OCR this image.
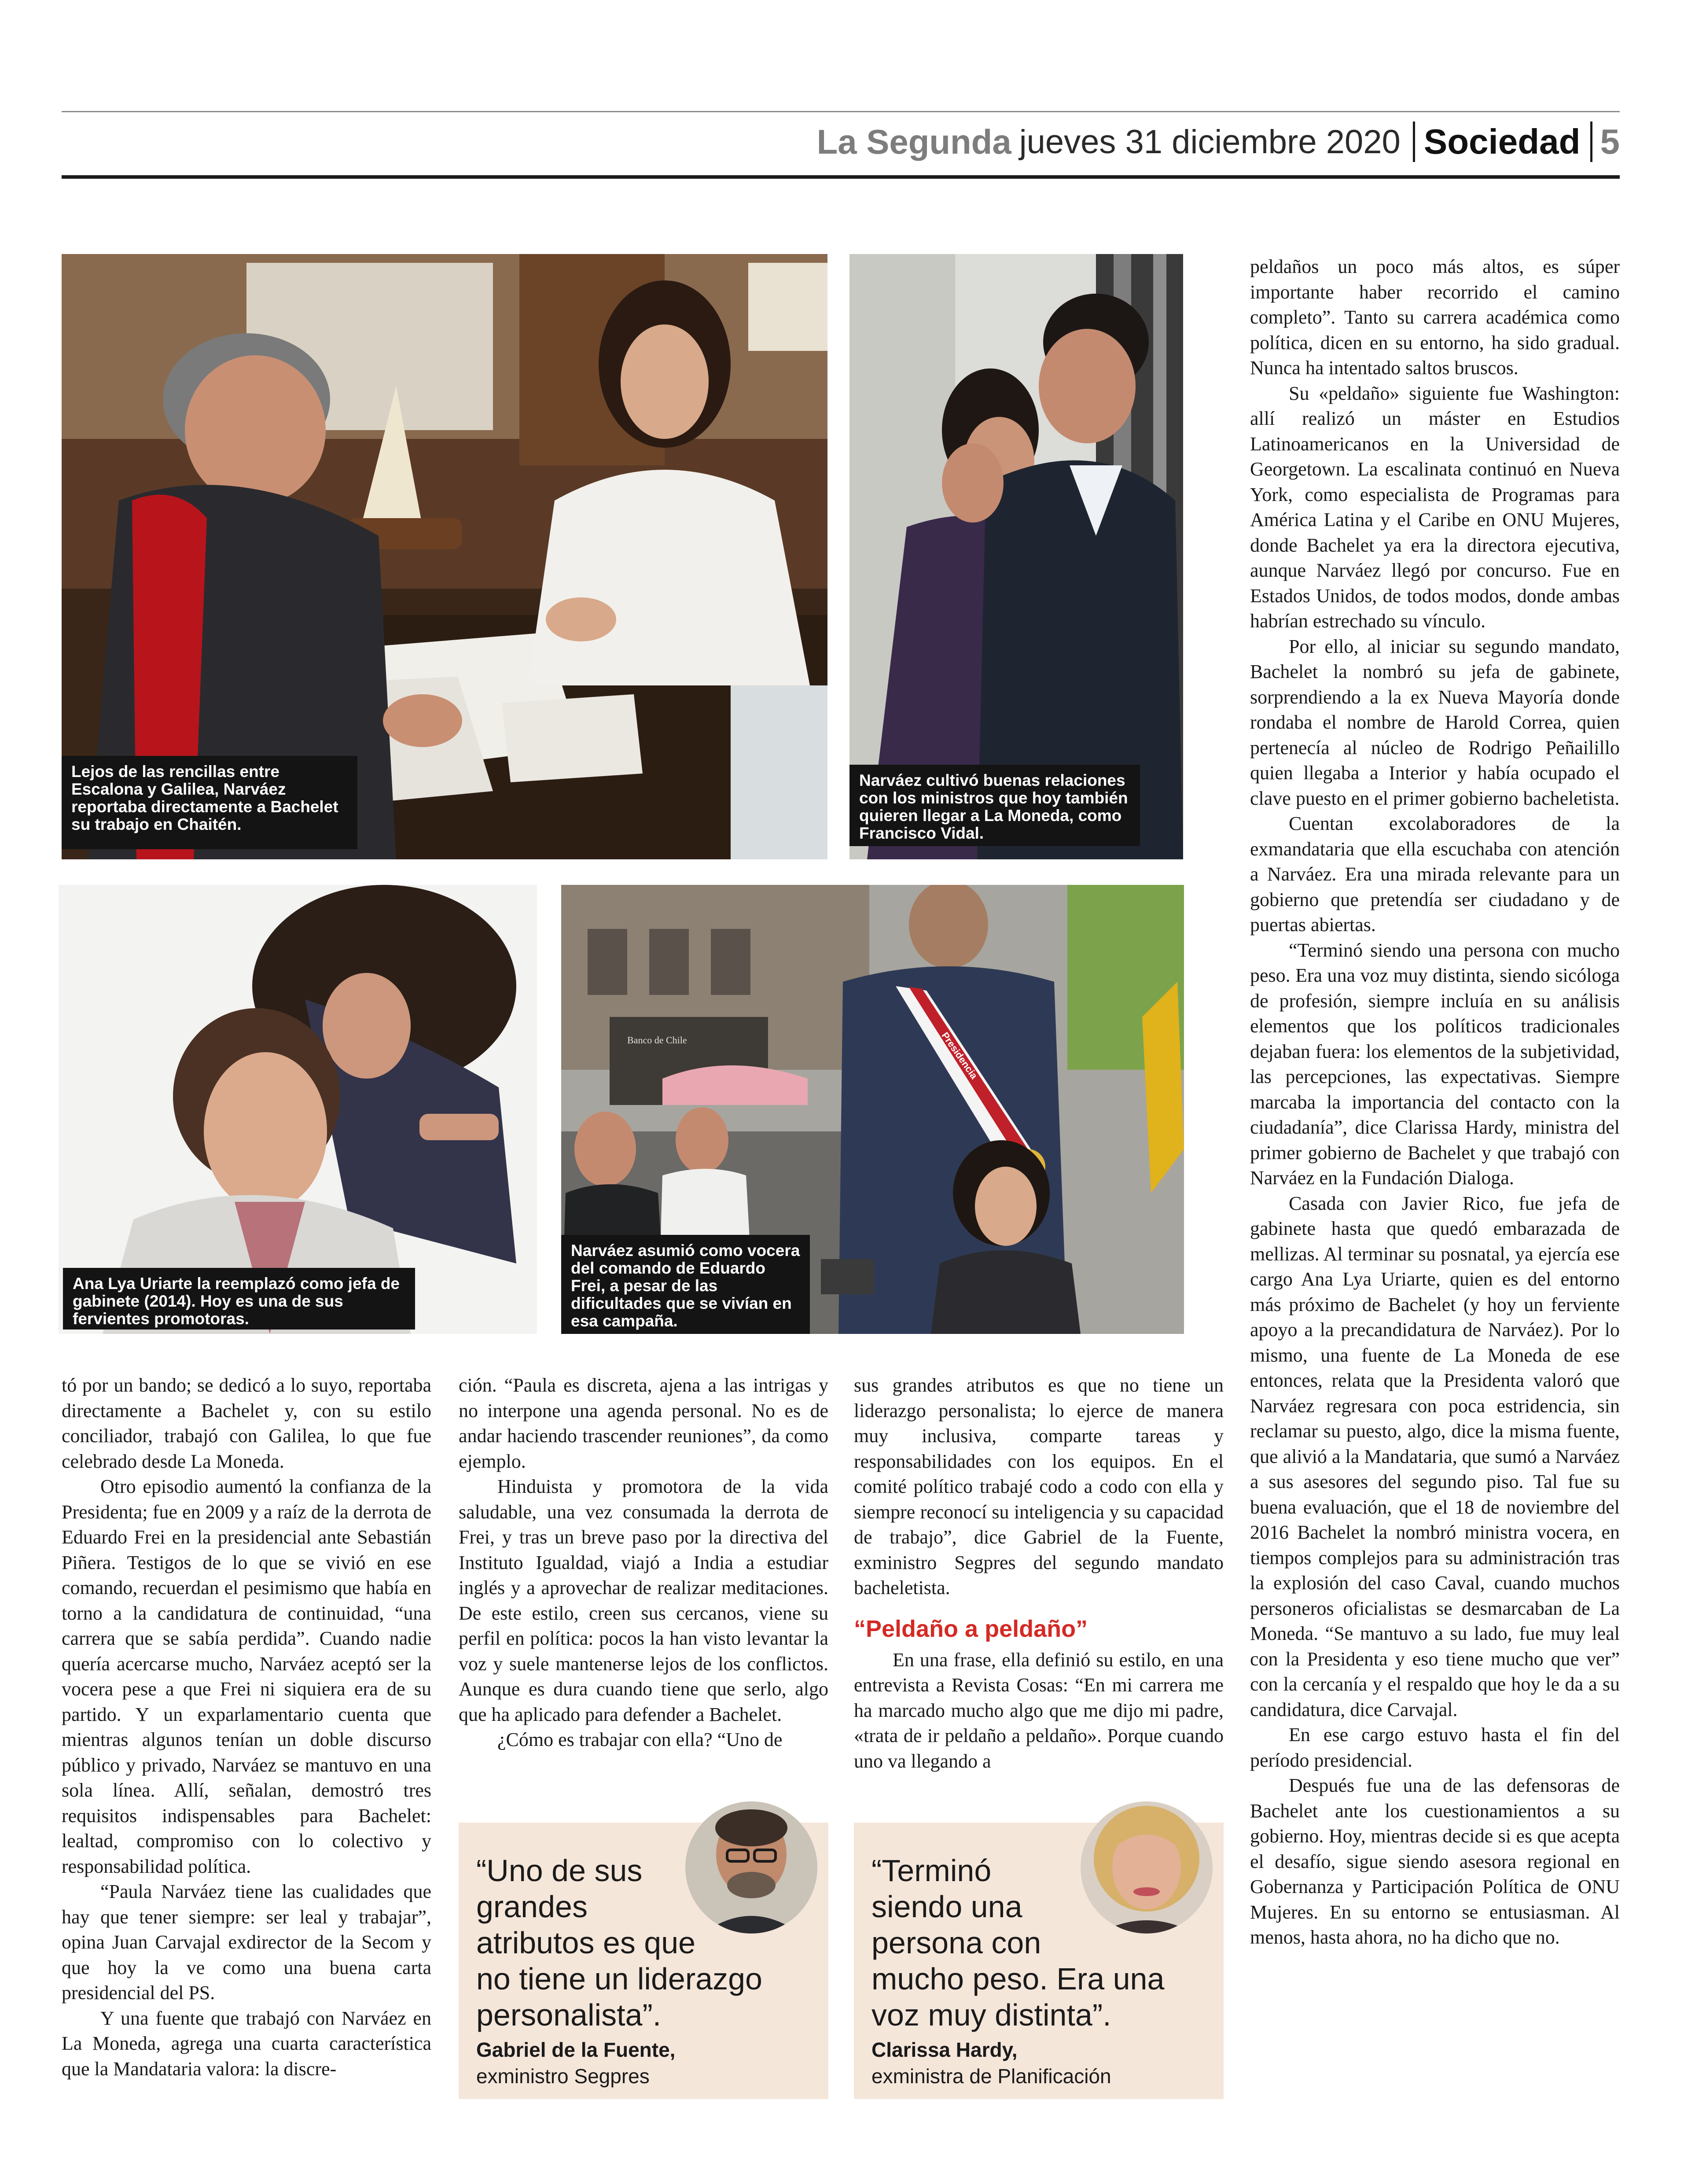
La Segunda jueves 31 diciembre 2020 Sociedad 5
Lejos de las rencillas entre Escalona y Galilea, Narváez reportaba directamente a Bachelet su trabajo en Chaitén.
Narváez cultivó buenas relaciones con los ministros que hoy también quieren llegar a La Moneda, como Francisco Vidal.
Ana Lya Uriarte la reemplazó como jefa de gabinete (2014). Hoy es una de sus fervientes promotoras.
Banco de Chile	Presidencia
Narváez asumió como vocera del comando de Eduardo Frei, a pesar de las dificultades que se vivían en esa campaña.

tó por un bando; se dedicó a lo suyo, reportaba directamente a Bachelet y, con su estilo conciliador, trabajó con Galilea, lo que fue celebrado desde La Moneda.

Otro episodio aumentó la confianza de la Presidenta; fue en 2009 y a raíz de la derrota de Eduardo Frei en la presidencial ante Sebastián Piñera. Testigos de lo que se vivió en ese comando, recuerdan el pesimismo que había en torno a la candidatura de continuidad, “una carrera que se sabía perdida”. Cuando nadie quería acercarse mucho, Narváez aceptó ser la vocera pese a que Frei ni siquiera era de su partido. Y un exparlamentario cuenta que mientras algunos tenían un doble discurso público y privado, Narváez se mantuvo en una sola línea. Allí, señalan, demostró tres requisitos indispensables para Bachelet: lealtad, compromiso con lo colectivo y responsabilidad política.

“Paula Narváez tiene las cualidades que hay que tener siempre: ser leal y trabajar”, opina Juan Carvajal exdirector de la Secom y que hoy la ve como una buena carta presidencial del PS.

Y una fuente que trabajó con Narváez en La Moneda, agrega una cuarta característica que la Mandataria valora: la discre-

ción. “Paula es discreta, ajena a las intrigas y no interpone una agenda personal. No es de andar haciendo trascender reuniones”, da como ejemplo.

Hinduista y promotora de la vida saludable, una vez consumada la derrota de Frei, y tras un breve paso por la directiva del Instituto Igualdad, viajó a India a estudiar inglés y a aprovechar de realizar meditaciones. De este estilo, creen sus cercanos, viene su perfil en política: pocos la han visto levantar la voz y suele mantenerse lejos de los conflictos. Aunque es dura cuando tiene que serlo, algo que ha aplicado para defender a Bachelet.

¿Cómo es trabajar con ella? “Uno de

sus grandes atributos es que no tiene un liderazgo personalista; lo ejerce de manera muy inclusiva, comparte tareas y responsabilidades con los equipos. En el comité político trabajé codo a codo con ella y siempre reconocí su inteligencia y su capacidad de trabajo”, dice Gabriel de la Fuente, exministro Segpres del segundo mandato bacheletista.

“Peldaño a peldaño”

En una frase, ella definió su estilo, en una entrevista a Revista Cosas: “En mi carrera me ha marcado mucho algo que me dijo mi padre, «trata de ir peldaño a peldaño». Porque cuando uno va llegando a

peldaños un poco más altos, es súper importante haber recorrido el camino completo”. Tanto su carrera académica como política, dicen en su entorno, ha sido gradual. Nunca ha intentado saltos bruscos.

Su «peldaño» siguiente fue Washington: allí realizó un máster en Estudios Latinoamericanos en la Universidad de Georgetown. La escalinata continuó en Nueva York, como especialista de Programas para América Latina y el Caribe en ONU Mujeres, donde Bachelet ya era la directora ejecutiva, aunque Narváez llegó por concurso. Fue en Estados Unidos, de todos modos, donde ambas habrían estrechado su vínculo.

Por ello, al iniciar su segundo mandato, Bachelet la nombró su jefa de gabinete, sorprendiendo a la ex Nueva Mayoría donde rondaba el nombre de Harold Correa, quien pertenecía al núcleo de Rodrigo Peñailillo quien llegaba a Interior y había ocupado el clave puesto en el primer gobierno bacheletista.

Cuentan excolaboradores de la exmandataria que ella escuchaba con atención a Narváez. Era una mirada relevante para un gobierno que pretendía ser ciudadano y de puertas abiertas.

“Terminó siendo una persona con mucho peso. Era una voz muy distinta, siendo sicóloga de profesión, siempre incluía en su análisis elementos que los políticos tradicionales dejaban fuera: los elementos de la subjetividad, las percepciones, las expectativas. Siempre marcaba la importancia del contacto con la ciudadanía”, dice Clarissa Hardy, ministra del primer gobierno de Bachelet y que trabajó con Narváez en la Fundación Dialoga.

Casada con Javier Rico, fue jefa de gabinete hasta que quedó embarazada de mellizas. Al terminar su posnatal, ya ejercía ese cargo Ana Lya Uriarte, quien es del entorno más próximo de Bachelet (y hoy un ferviente apoyo a la precandidatura de Narváez). Por lo mismo, una fuente de La Moneda de ese entonces, relata que la Presidenta valoró que Narváez regresara con poca estridencia, sin reclamar su puesto, algo, dice la misma fuente, que alivió a la Mandataria, que sumó a Narváez a sus asesores del segundo piso. Tal fue su buena evaluación, que el 18 de noviembre del 2016 Bachelet la nombró ministra vocera, en tiempos complejos para su administración tras la explosión del caso Caval, cuando muchos personeros oficialistas se desmarcaban de La Moneda. “Se mantuvo a su lado, fue muy leal con la Presidenta y eso tiene mucho que ver” con la cercanía y el respaldo que hoy le da a su candidatura, dice Carvajal.

En ese cargo estuvo hasta el fin del período presidencial.

Después fue una de las defensoras de Bachelet ante los cuestionamientos a su gobierno. Hoy, mientras decide si es que acepta el desafío, sigue siendo asesora regional en Gobernanza y Participación Política de ONU Mujeres. En su entorno se entusiasman. Al menos, hasta ahora, no ha dicho que no.

“Uno de sus
grandes
atributos es que
no tiene un liderazgo
personalista”.
Gabriel de la Fuente,
exministro Segpres
“Terminó
siendo una
persona con
mucho peso. Era una
voz muy distinta”.
Clarissa Hardy,
exministra de Planificación
